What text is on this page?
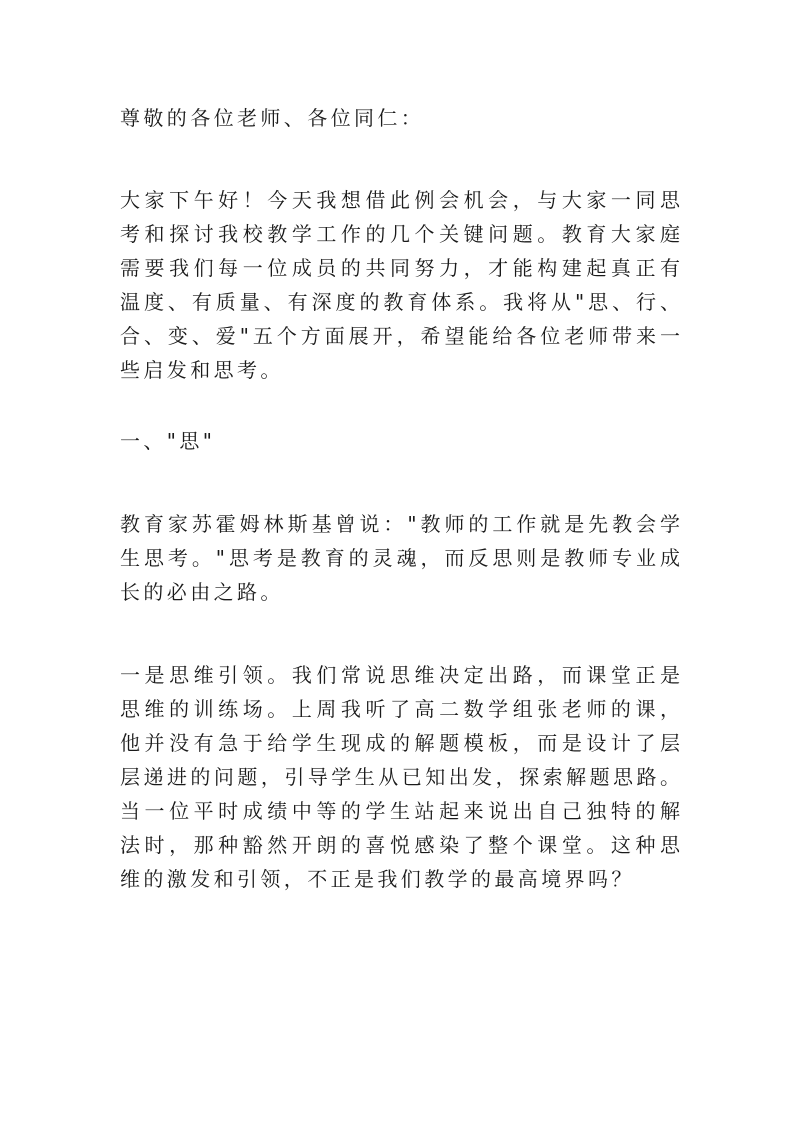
尊敬的各位老师、各位同仁：
大家下午好！今天我想借此例会机会，与大家一同思
考和探讨我校教学工作的几个关键问题。教育大家庭
需要我们每一位成员的共同努力，才能构建起真正有
温度、有质量、有深度的教育体系。我将从"思、行、
合、变、爱"五个方面展开，希望能给各位老师带来一
些启发和思考。
一、"思"
教育家苏霍姆林斯基曾说："教师的工作就是先教会学
生思考。"思考是教育的灵魂，而反思则是教师专业成
长的必由之路。
一是思维引领。我们常说思维决定出路，而课堂正是
思维的训练场。上周我听了高二数学组张老师的课，
他并没有急于给学生现成的解题模板，而是设计了层
层递进的问题，引导学生从已知出发，探索解题思路。
当一位平时成绩中等的学生站起来说出自己独特的解
法时，那种豁然开朗的喜悦感染了整个课堂。这种思
维的激发和引领，不正是我们教学的最高境界吗？
